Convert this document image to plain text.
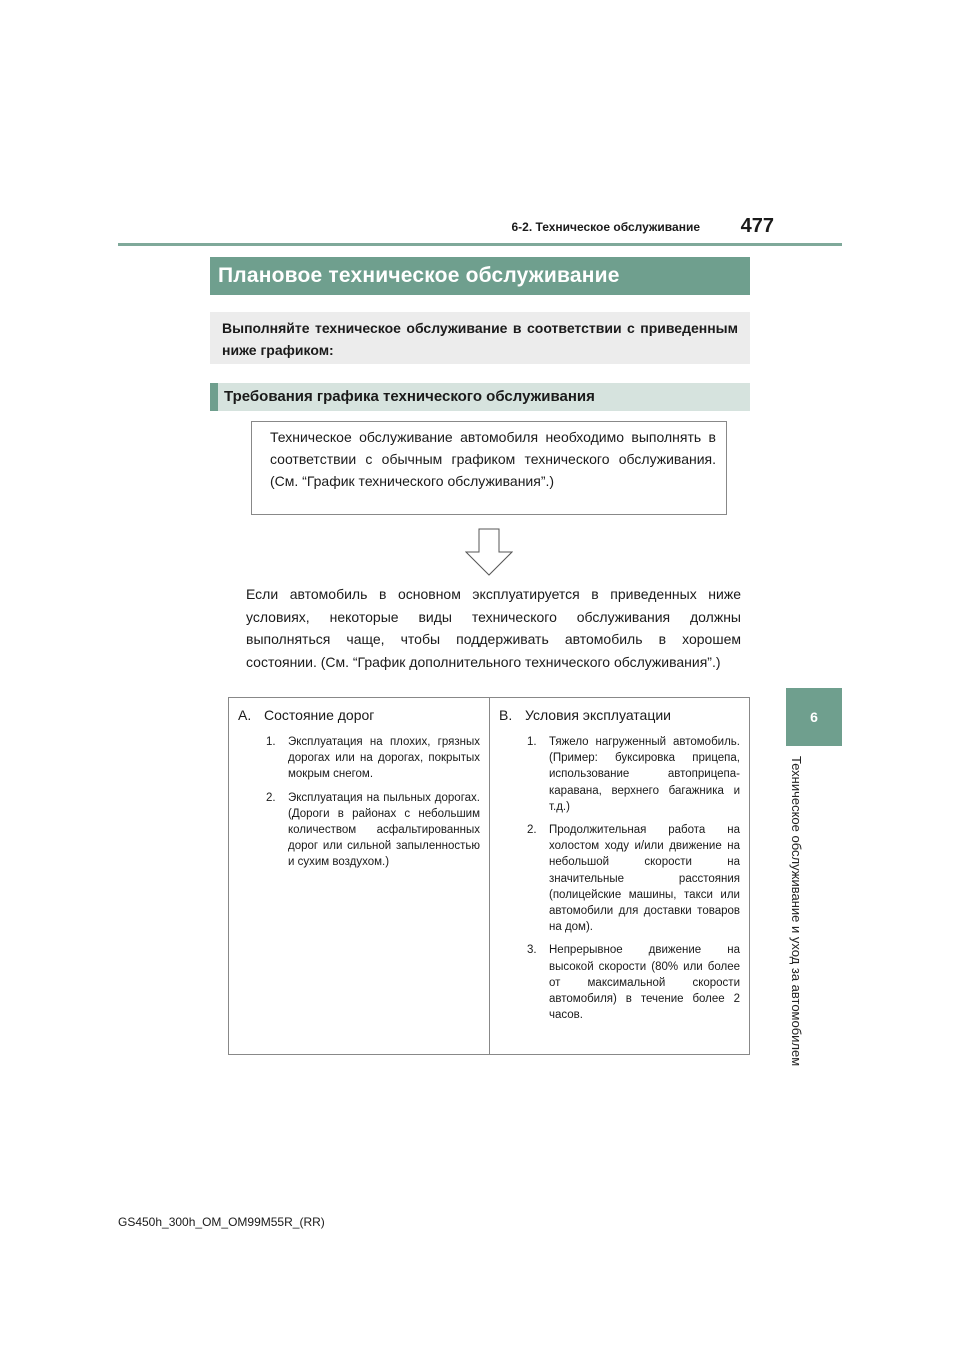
6-2. Техническое обслуживание	477
6
Техническое обслуживание и уход за автомобилем
Плановое техническое обслуживание
Выполняйте техническое обслуживание в соответствии с приведенным ниже графиком:
Требования графика технического обслуживания
Техническое обслуживание автомобиля необходимо выполнять в соответствии с обычным графиком технического обслуживания. (См. “График технического обслуживания”.)
Если автомобиль в основном эксплуатируется в приведенных ниже условиях, некоторые виды технического обслуживания должны выполняться чаще, чтобы поддерживать автомобиль в хорошем состоянии. (См. “График дополнительного технического обслуживания”.)
A. Состояние дорог
1.	Эксплуатация на плохих, грязных дорогах или на дорогах, покрытых мокрым снегом.
2.	Эксплуатация на пыльных дорогах. (Дороги в районах с небольшим количеством асфальтированных дорог или сильной запыленностью и сухим воздухом.)
B. Условия эксплуатации
1.	Тяжело нагруженный автомобиль. (Пример: буксировка прицепа, использование автоприцепа-каравана, верхнего багажника и т.д.)
2.	Продолжительная работа на холостом ходу и/или движение на небольшой скорости на значительные расстояния (полицейские машины, такси или автомобили для доставки товаров на дом).
3.	Непрерывное движение на высокой скорости (80% или более от максимальной скорости автомобиля) в течение более 2 часов.
GS450h_300h_OM_OM99M55R_(RR)
